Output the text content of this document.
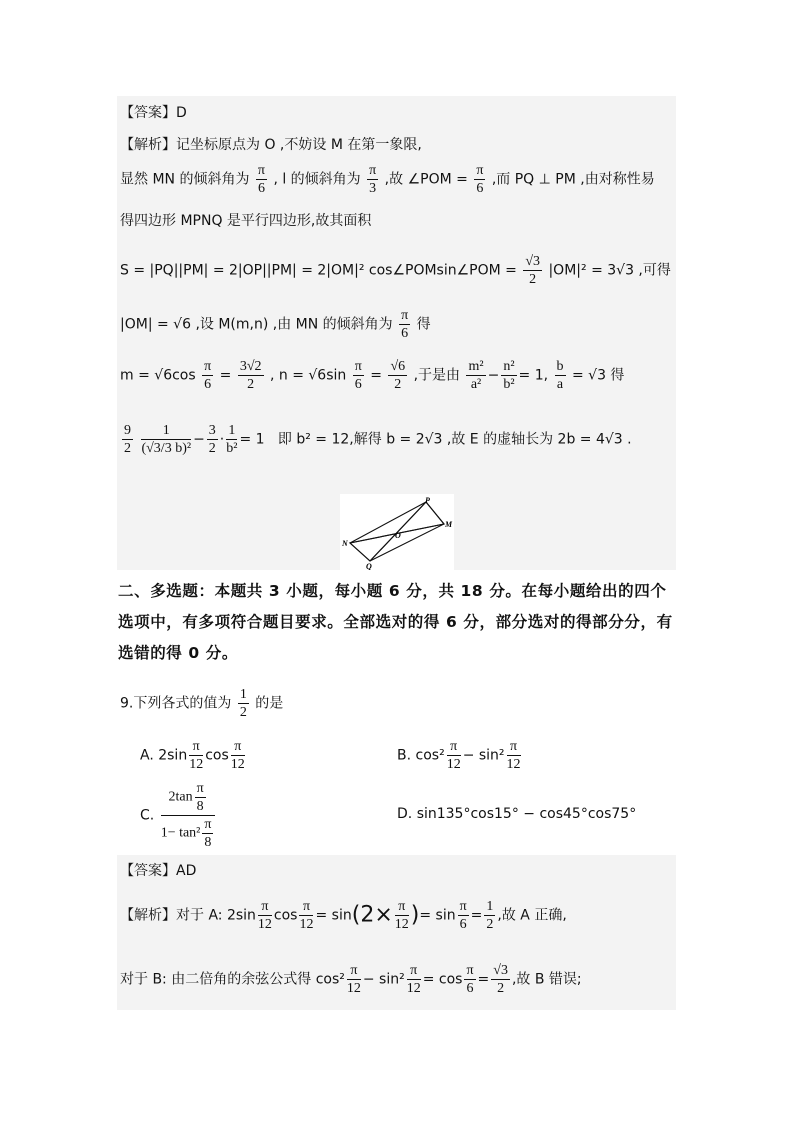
【答案】D
【解析】记坐标原点为 O ,不妨设 M 在第一象限,
显然 MN 的倾斜角为 $\frac{\pi}{6}$ , l 的倾斜角为 $\frac{\pi}{3}$ ,故 ∠POM = $\frac{\pi}{6}$ ,而 PQ ⊥ PM ,由对称性易
得四边形 MPNQ 是平行四边形,故其面积
S = |PQ||PM| = 2|OP||PM| = 2|OM|² cos∠POMsin∠POM = $\frac{√3}{2} |OM|^2 = 3√3$ ,可得
|OM| = √6 ,设 M(m,n) ,由 MN 的倾斜角为 $\frac{\pi}{6}$ 得
$m = √6\cos \frac{\pi}{6} = \frac{3√2}{2}$ , $n = √6\sin \frac{\pi}{6} = \frac{√6}{2}$ ,于是由 $\frac{\text{m²}}{\text{a²}} - \frac{\text{n²}}{\text{b²}} = 1$, $\frac{b}{a} = √3$ 得
$\frac{9}{2}$
$\frac{1}{\text{(√3/3 b)²}} - \frac{3}{2} \cdot \frac{1}{\text{b²}} = 1$ 即 b² = 12,解得 b = 2√3 ,故 E 的虚轴长为 2b = 4√3 .
P
M
N
Q
O
二、多选题：本题共 3 小题，每小题 6 分，共 18 分。在每小题给出的四个选项中，有多项符合题目要求。全部选对的得 6 分，部分选对的得部分分，有选错的得 0 分。
9.下列各式的值为 $\frac{1}{2}$ 的是
A. $2\sin \frac{\pi}{12}$ $\cos \frac{\pi}{12}$	B. $\cos^2 \frac{\pi}{12} - \sin^2 \frac{\pi}{12}$
C. $\frac{2\tan \frac{\pi}{8}}{1- \tan^2 \frac{\pi}{8}}$	D. sin135°cos15° − cos45°cos75°
【答案】AD
【解析】对于 A: $2\sin \frac{\pi}{12}$ $\cos \frac{\pi}{12} = \sin(2\times \frac{\pi}{12}$ )= $\sin \frac{\pi}{6} = \frac{1}{2}$ ,故 A 正确,
对于 B: 由二倍角的余弦公式得 $\cos^2 \frac{\pi}{12} - \sin^2 \frac{\pi}{12} = \cos \frac{\pi}{6} = \frac{√3}{2}$ ,故 B 错误;
